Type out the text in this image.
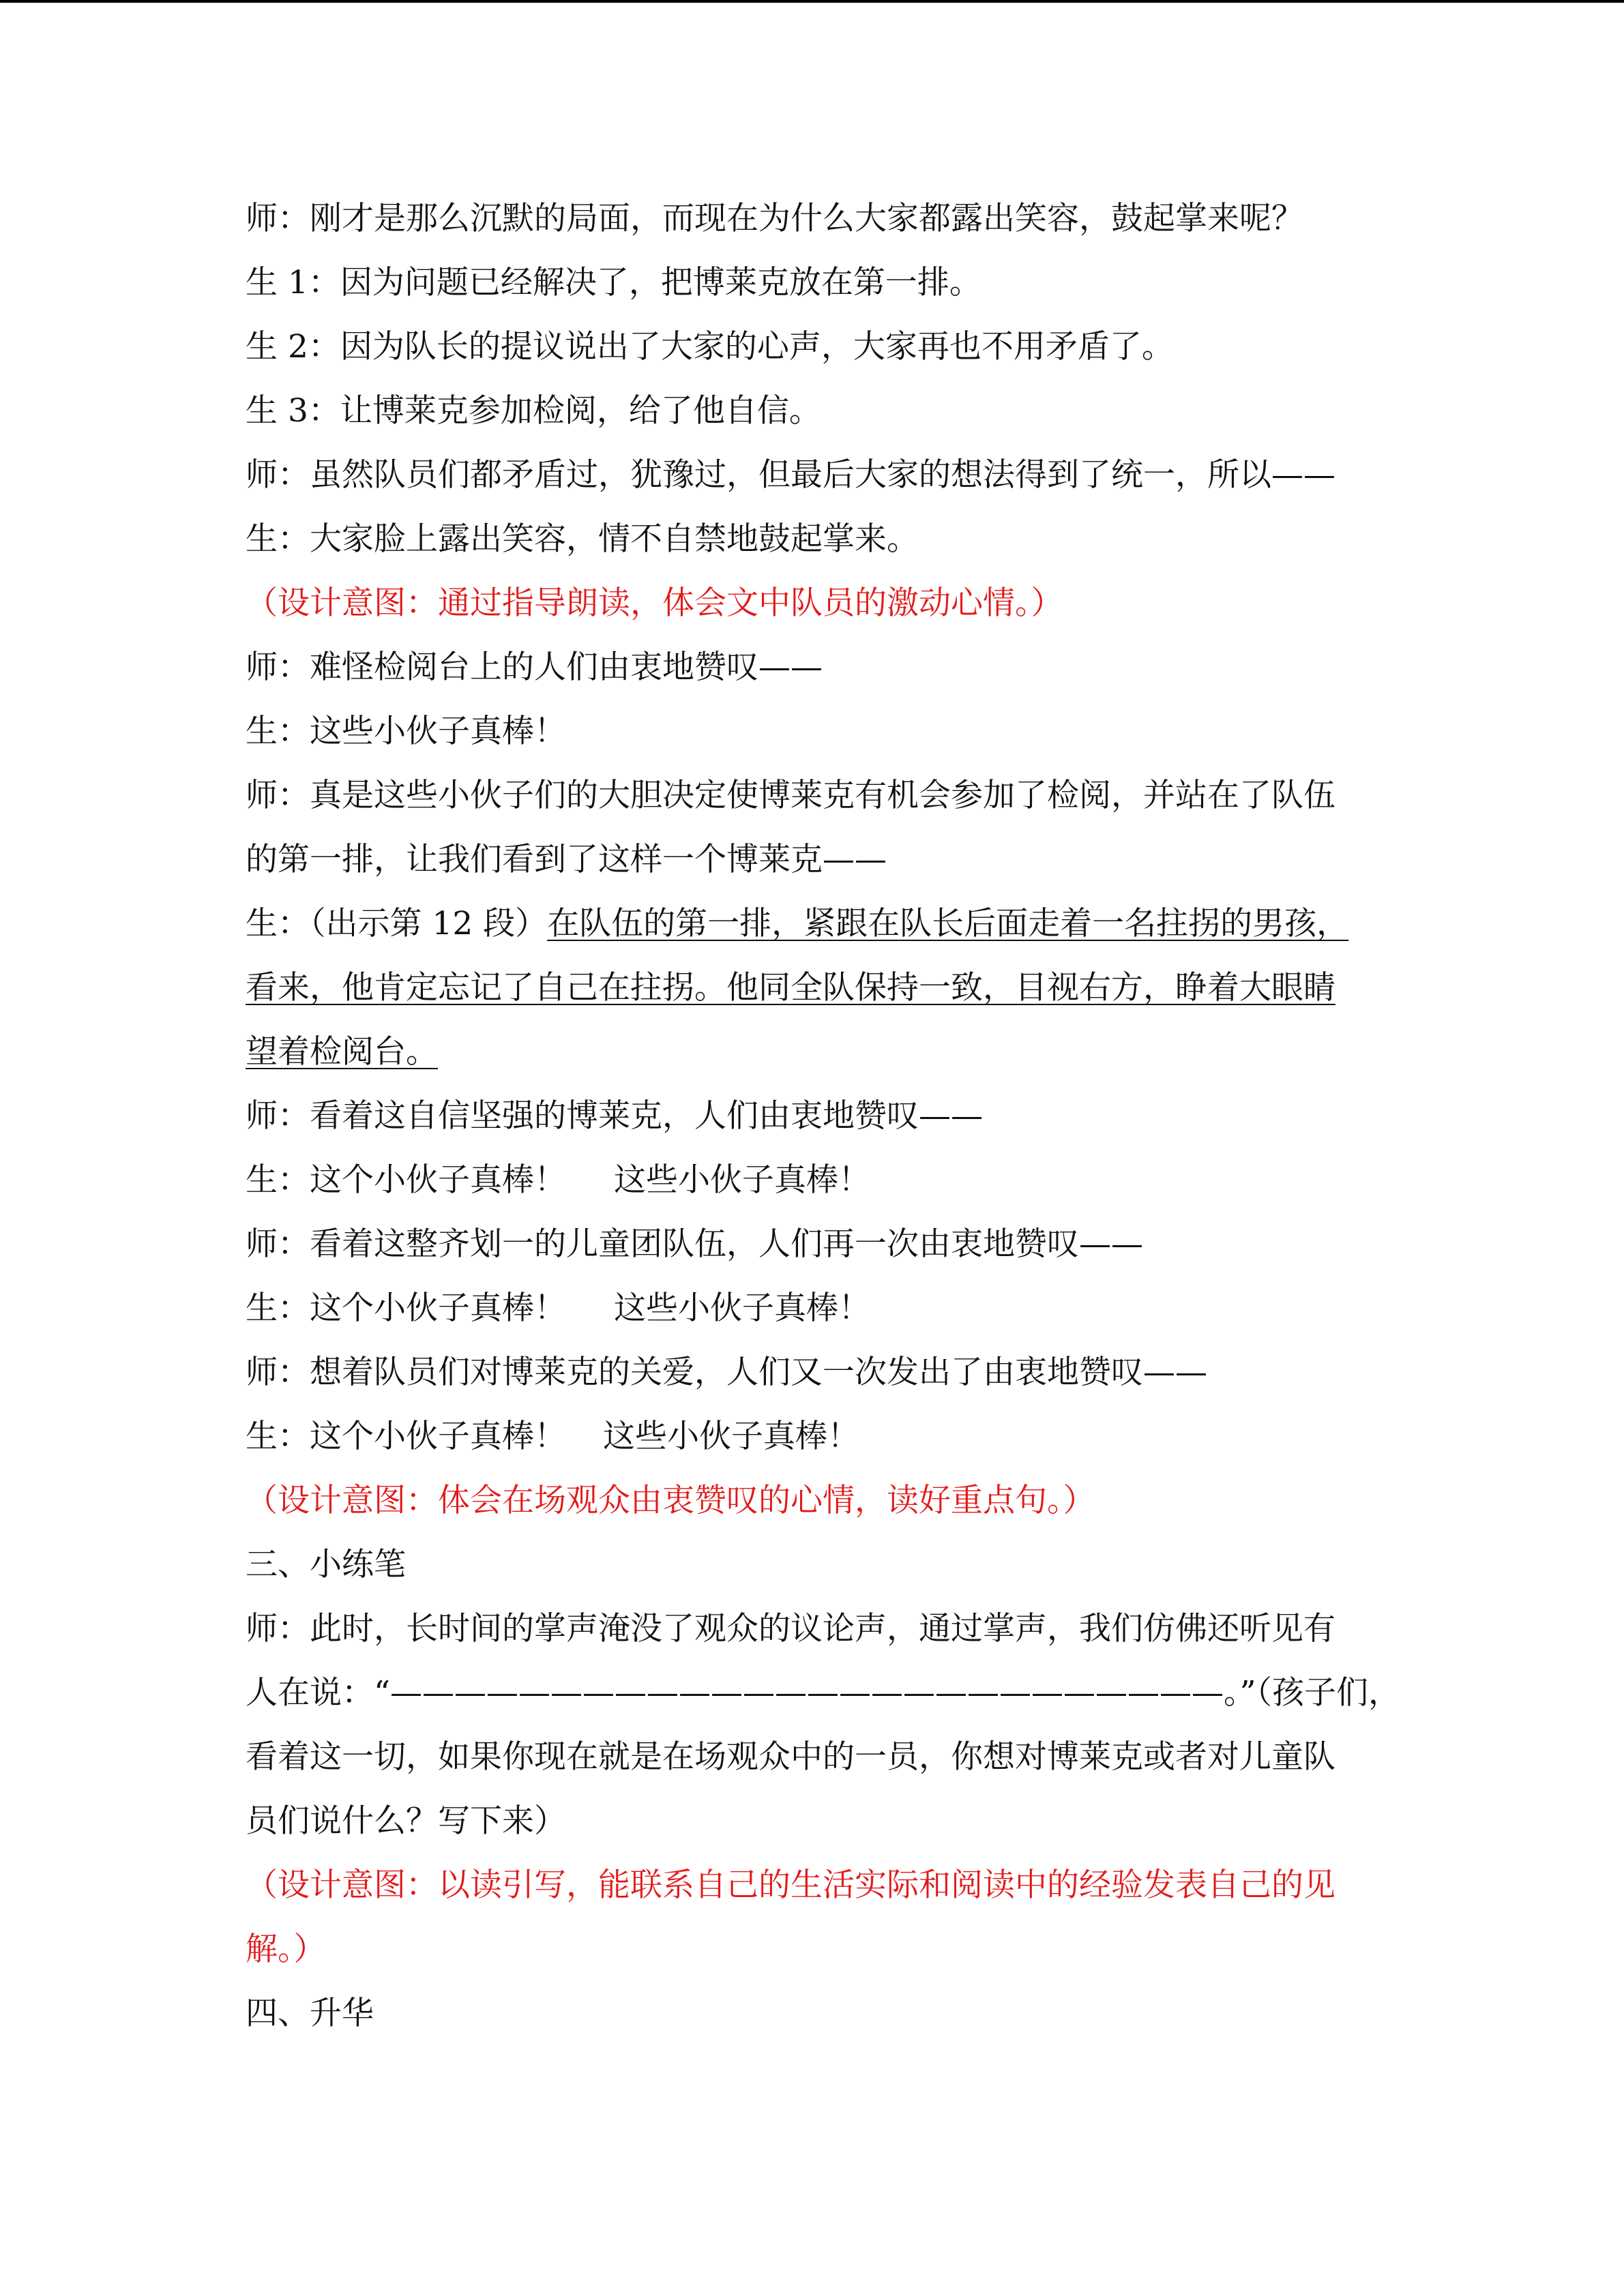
师：刚才是那么沉默的局面，而现在为什么大家都露出笑容，鼓起掌来呢？
生 1：因为问题已经解决了，把博莱克放在第一排。
生 2：因为队长的提议说出了大家的心声，大家再也不用矛盾了。
生 3：让博莱克参加检阅，给了他自信。
师：虽然队员们都矛盾过，犹豫过，但最后大家的想法得到了统一，所以——
生：大家脸上露出笑容，情不自禁地鼓起掌来。
（设计意图：通过指导朗读，体会文中队员的激动心情。）
师：难怪检阅台上的人们由衷地赞叹——
生：这些小伙子真棒！
师：真是这些小伙子们的大胆决定使博莱克有机会参加了检阅，并站在了队伍
的第一排，让我们看到了这样一个博莱克——
生：（出示第 12 段）在队伍的第一排，紧跟在队长后面走着一名拄拐的男孩，
看来，他肯定忘记了自己在拄拐。他同全队保持一致，目视右方，睁着大眼睛
望着检阅台。
师：看着这自信坚强的博莱克，人们由衷地赞叹——
生：这个小伙子真棒！ 这些小伙子真棒！
师：看着这整齐划一的儿童团队伍，人们再一次由衷地赞叹——
生：这个小伙子真棒！ 这些小伙子真棒！
师：想着队员们对博莱克的关爱，人们又一次发出了由衷地赞叹——
生：这个小伙子真棒！ 这些小伙子真棒！
（设计意图：体会在场观众由衷赞叹的心情，读好重点句。）
三、小练笔
师：此时，长时间的掌声淹没了观众的议论声，通过掌声，我们仿佛还听见有
人在说：“——————————————————————————。”（孩子们，
看着这一切，如果你现在就是在场观众中的一员，你想对博莱克或者对儿童队
员们说什么？写下来）
（设计意图：以读引写，能联系自己的生活实际和阅读中的经验发表自己的见
解。）
四、升华
